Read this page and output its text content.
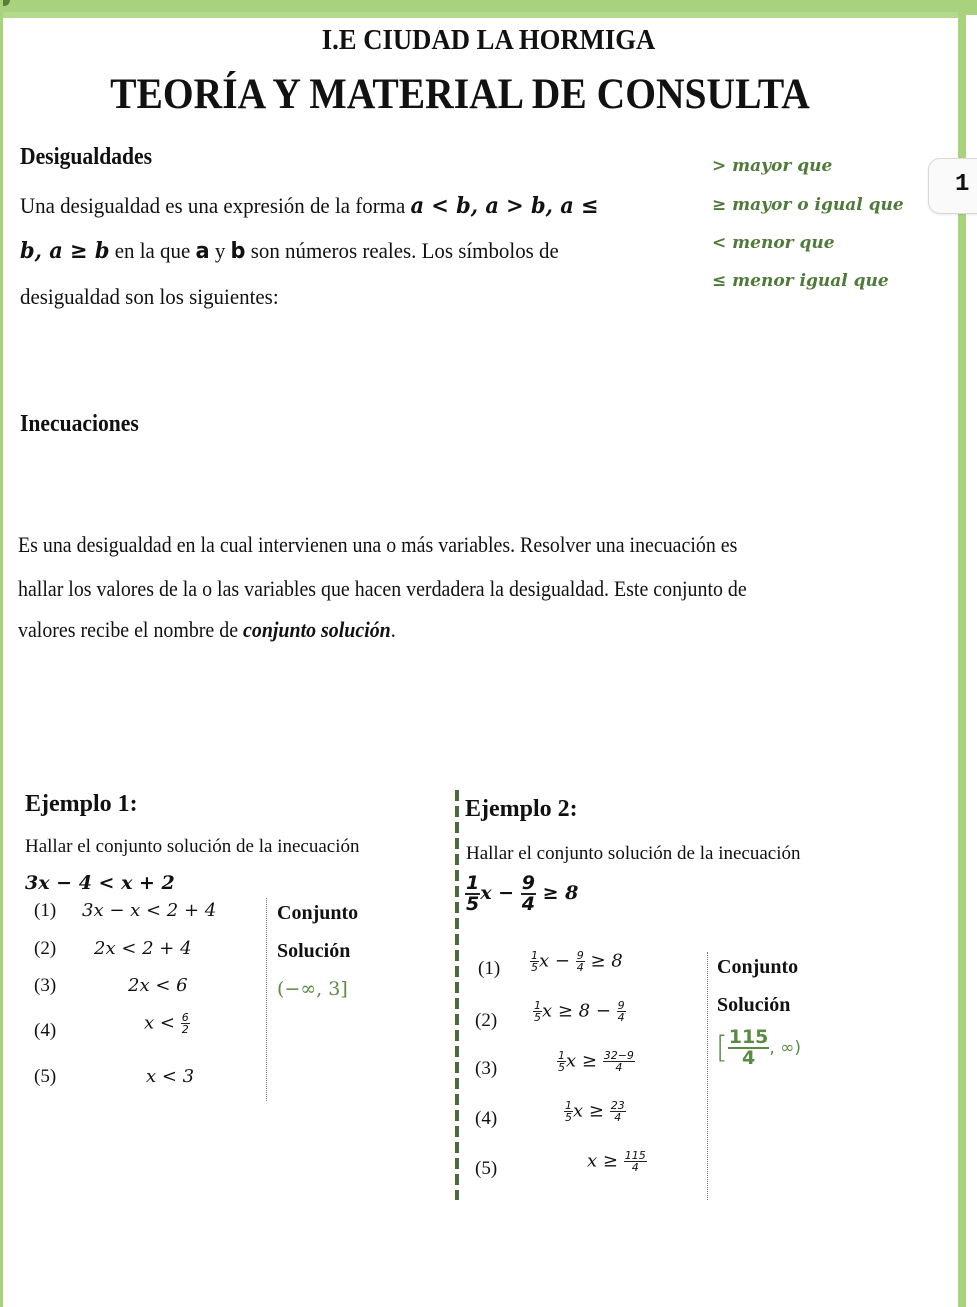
1
I.E CIUDAD LA HORMIGA
TEORÍA Y MATERIAL DE CONSULTA
Desigualdades
Una desigualdad es una expresión de la forma a < b, a > b, a ≤
b, a ≥ b en la que a y b son números reales. Los símbolos de
desigualdad son los siguientes:
> mayor que
≥ mayor o igual que
< menor que
≤ menor igual que
Inecuaciones
Es una desigualdad en la cual intervienen una o más variables. Resolver una inecuación es
hallar los valores de la o las variables que hacen verdadera la desigualdad. Este conjunto de
valores recibe el nombre de conjunto solución.
Ejemplo 1:
Hallar el conjunto solución de la inecuación
3x − 4 < x + 2
(1) 3x − x < 2 + 4
(2) 2x < 2 + 4
(3)	2x < 6
(4)	$x < \frac{6}{2}$
(5)	x < 3
Conjunto
Solución
(−∞, 3]
Ejemplo 2:
Hallar el conjunto solución de la inecuación
$\frac{1}{5}$ $x - \frac{9}{4} \ge 8$
(1)	$\frac{1}{5}$ $x - \frac{9}{4} \ge 8$
(2)	$\frac{1}{5}$ $x \ge 8 - \frac{9}{4}$
(3)	$\frac{1}{5}$ $x \ge \frac{32-9}{4}$
(4)	$\frac{1}{5}$ $x \ge \frac{23}{4}$
(5)	$x \ge \frac{115}{4}$
Conjunto
Solución
[ $\frac{115}{4}$ , ∞)
